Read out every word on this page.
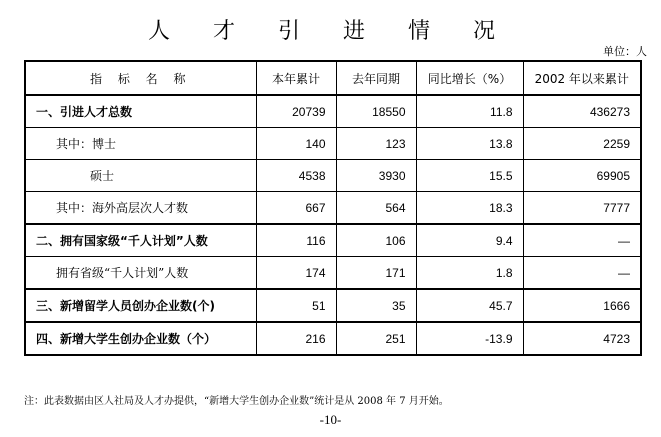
人 才 引 进 情 况
单位：人
指 标 名 称	本年累计	去年同期	同比增长（%）	2002 年以来累计
一、引进人才总数	20739	18550	11.8	436273
其中：博士	140	123	13.8	2259
硕士	4538	3930	15.5	69905
其中：海外高层次人才数	667	564	18.3	7777
二、拥有国家级“千人计划”人数	116	106	9.4	—
拥有省级“千人计划”人数	174	171	1.8	—
三、新增留学人员创办企业数(个)	51	35	45.7	1666
四、新增大学生创办企业数（个）	216	251	-13.9	4723
注：此表数据由区人社局及人才办提供，“新增大学生创办企业数”统计是从 2008 年 7 月开始。
-10-
